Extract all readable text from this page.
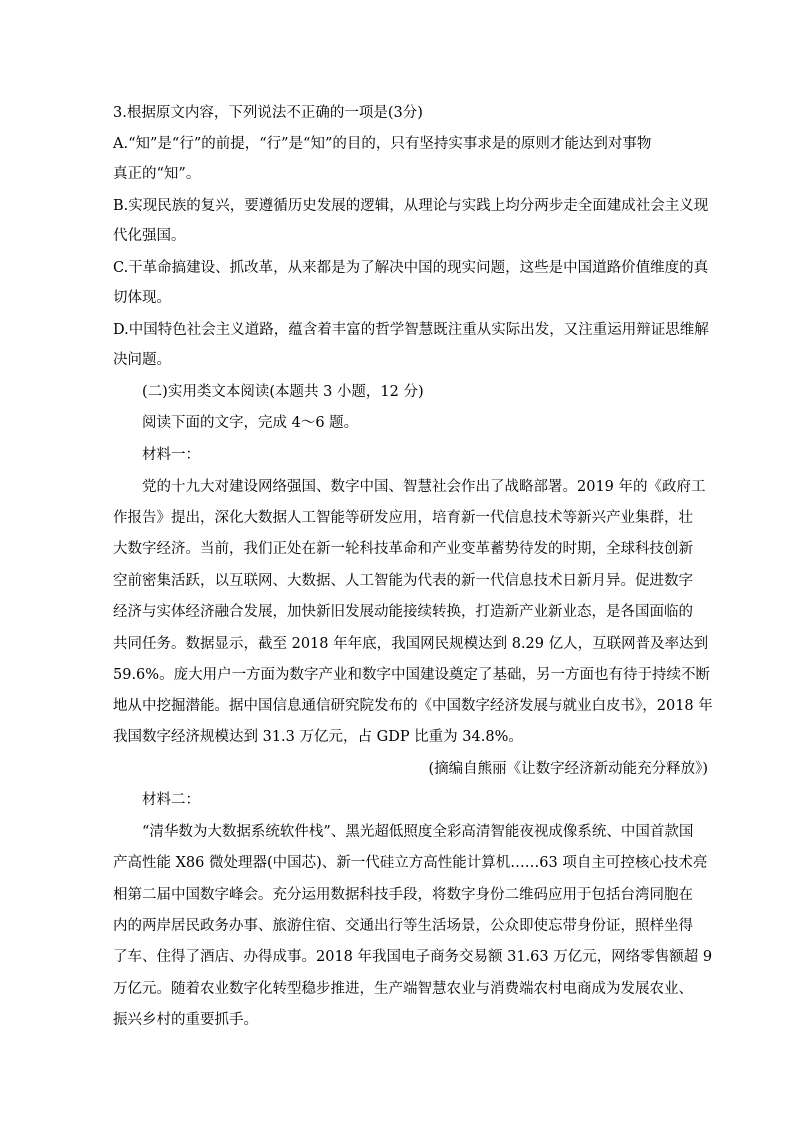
3.根据原文内容，下列说法不正确的一项是(3分)

A.“知”是“行”的前提，“行”是“知”的目的，只有坚持实事求是的原则才能达到对事物

真正的“知”。

B.实现民族的复兴，要遵循历史发展的逻辑，从理论与实践上均分两步走全面建成社会主义现

代化强国。

C.干革命搞建设、抓改革，从来都是为了解决中国的现实问题，这些是中国道路价值维度的真

切体现。

D.中国特色社会主义道路，蕴含着丰富的哲学智慧既注重从实际出发，又注重运用辩证思维解

决问题。

(二)实用类文本阅读(本题共 3 小题，12 分)

阅读下面的文字，完成 4～6 题。

材料一：

党的十九大对建设网络强国、数字中国、智慧社会作出了战略部署。2019 年的《政府工

作报告》提出，深化大数据人工智能等研发应用，培育新一代信息技术等新兴产业集群，壮

大数字经济。当前，我们正处在新一轮科技革命和产业变革蓄势待发的时期，全球科技创新

空前密集活跃，以互联网、大数据、人工智能为代表的新一代信息技术日新月异。促进数字

经济与实体经济融合发展，加快新旧发展动能接续转换，打造新产业新业态，是各国面临的

共同任务。数据显示，截至 2018 年年底，我国网民规模达到 8.29 亿人，互联网普及率达到

59.6%。庞大用户一方面为数字产业和数字中国建设奠定了基础，另一方面也有待于持续不断

地从中挖掘潜能。据中国信息通信研究院发布的《中国数字经济发展与就业白皮书》，2018 年

我国数字经济规模达到 31.3 万亿元，占 GDP 比重为 34.8%。

(摘编自熊丽《让数字经济新动能充分释放》)

材料二：

“清华数为大数据系统软件栈”、黑光超低照度全彩高清智能夜视成像系统、中国首款国

产高性能 X86 微处理器(中国芯)、新一代硅立方高性能计算机……63 项自主可控核心技术亮

相第二届中国数字峰会。充分运用数据科技手段，将数字身份二维码应用于包括台湾同胞在

内的两岸居民政务办事、旅游住宿、交通出行等生活场景，公众即使忘带身份证，照样坐得

了车、住得了酒店、办得成事。2018 年我国电子商务交易额 31.63 万亿元，网络零售额超 9

万亿元。随着农业数字化转型稳步推进，生产端智慧农业与消费端农村电商成为发展农业、

振兴乡村的重要抓手。
